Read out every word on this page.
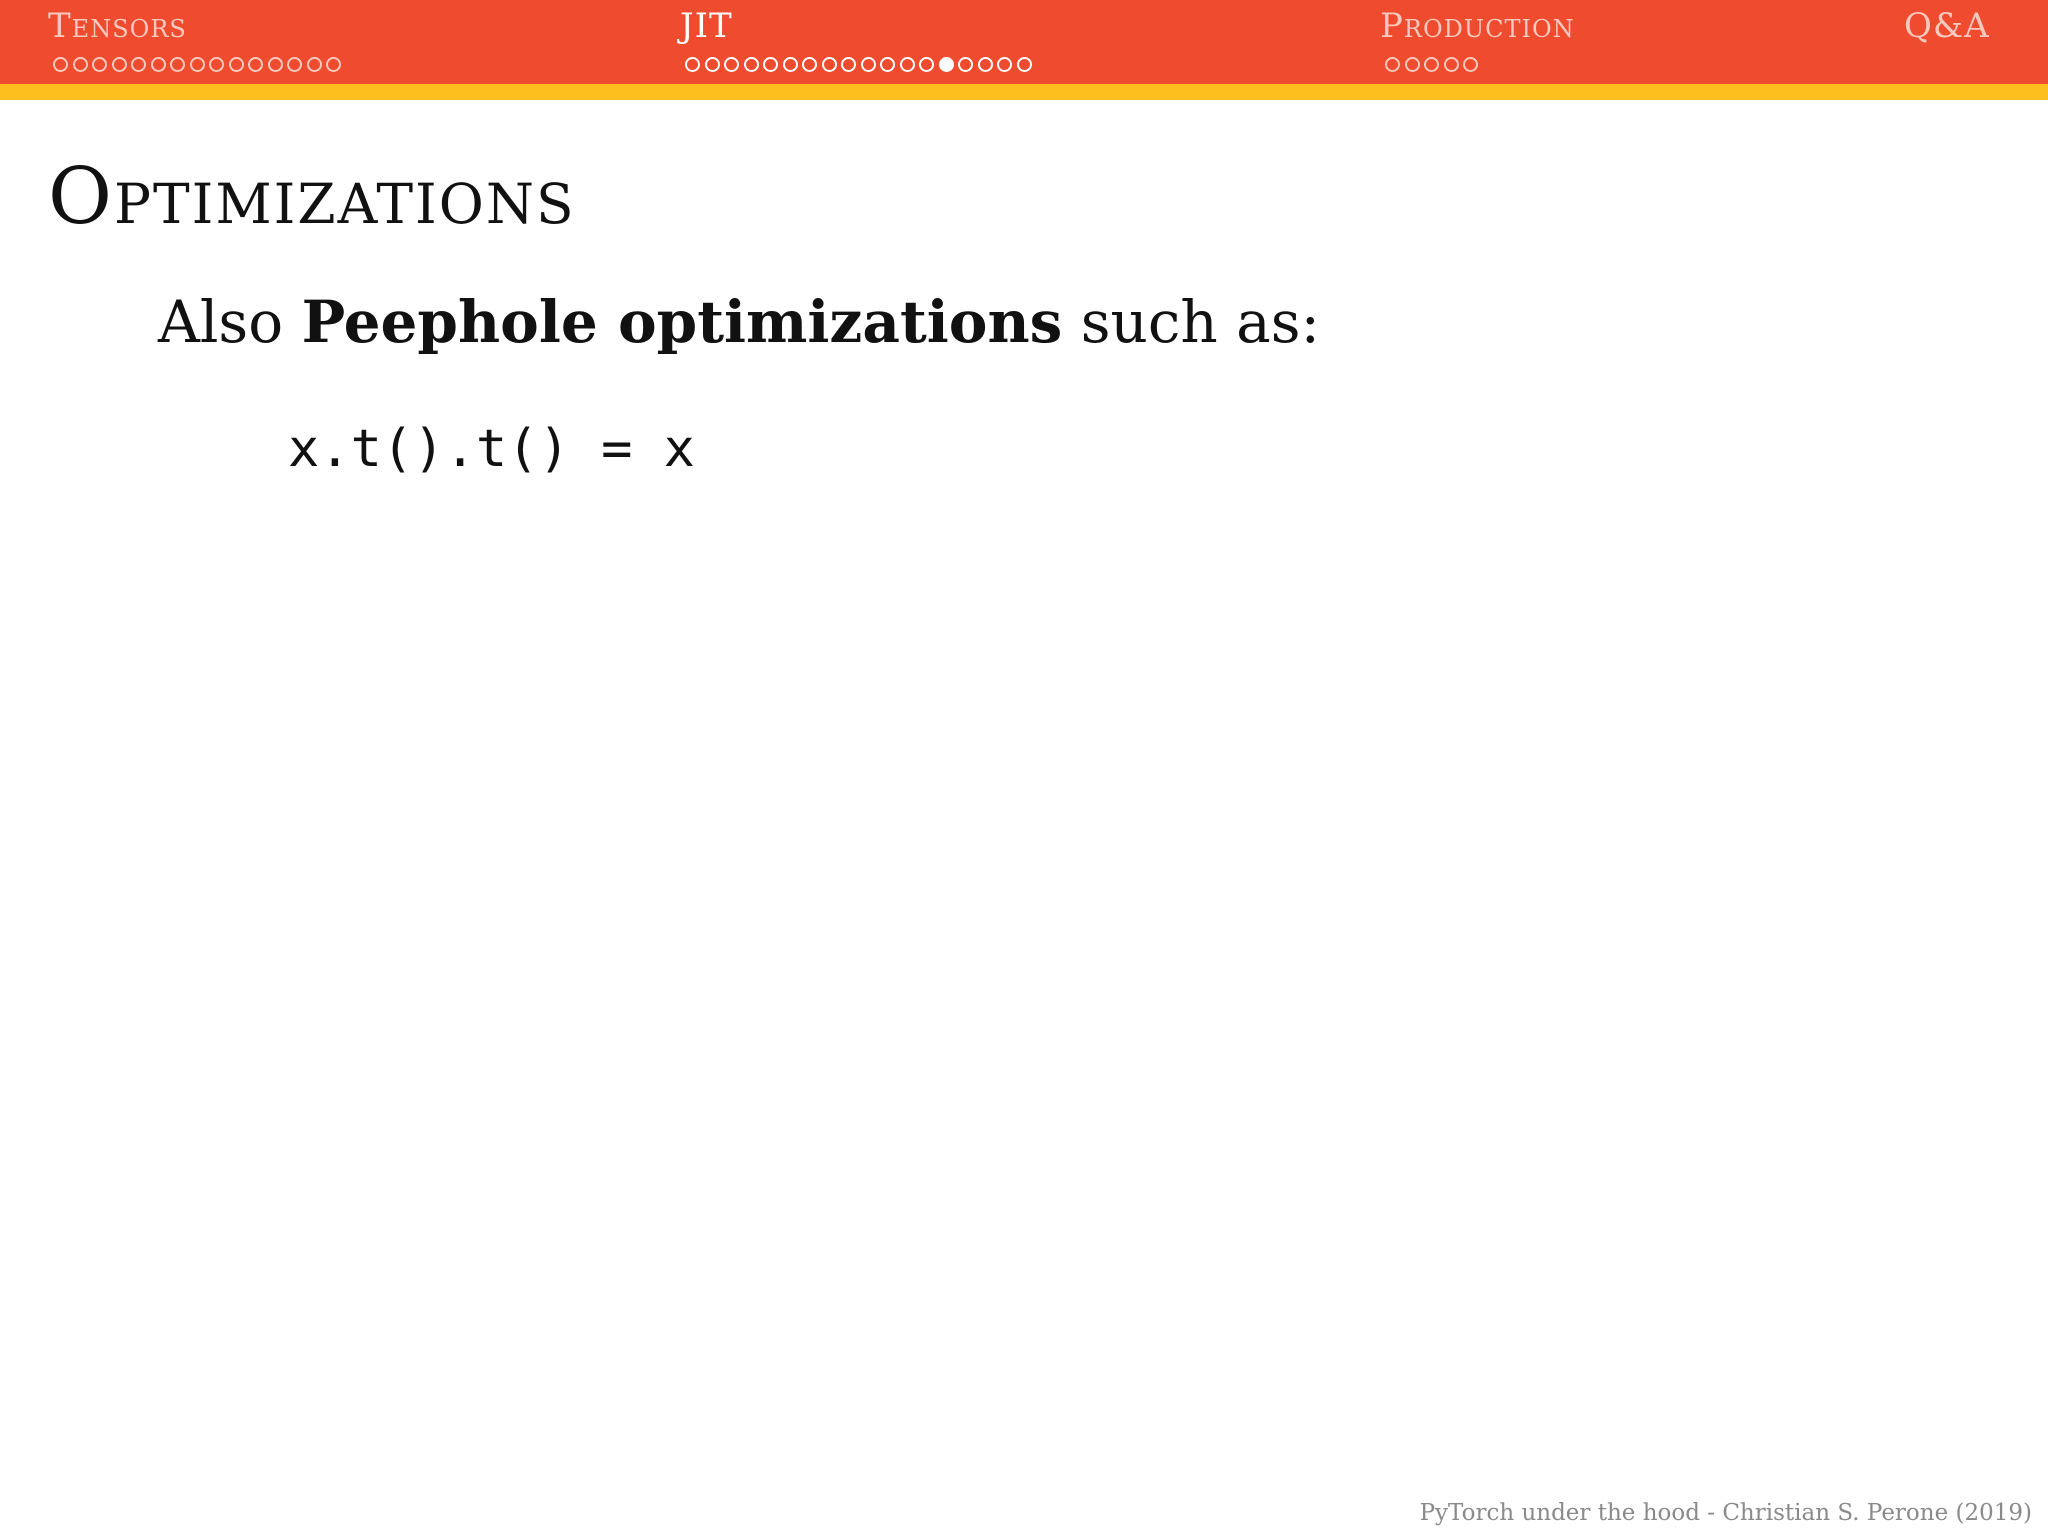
Tensors	JIT	Production	Q&A
Optimizations
Also Peephole optimizations such as:
x.t().t() = x
PyTorch under the hood - Christian S. Perone (2019)
